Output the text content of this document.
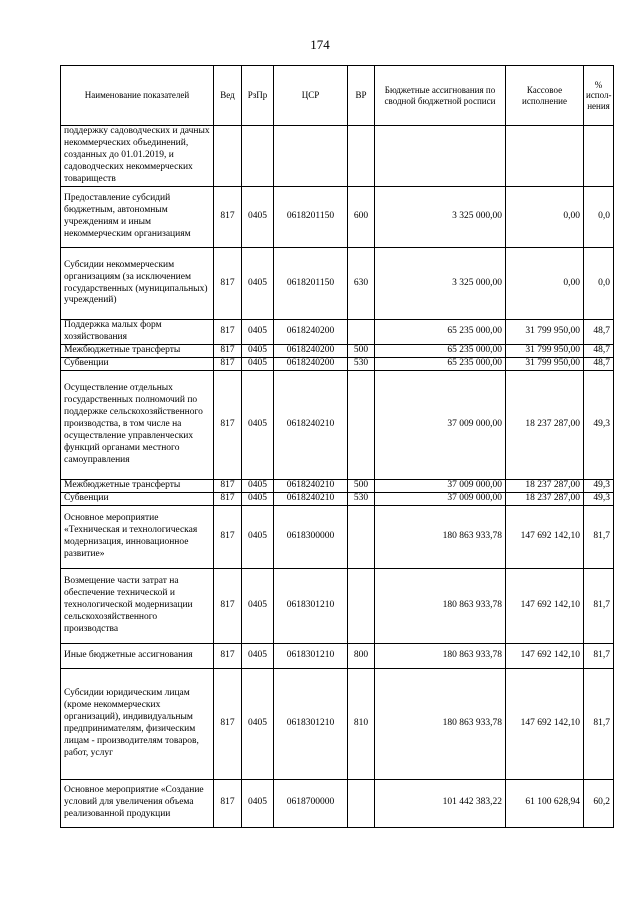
174
Наименование показателей	Вед	РзПр	ЦСР	ВР	Бюджетные ассигнования по сводной бюджетной росписи	Кассовое исполнение	% испол-нения
поддержку садоводческих и дачных некоммерческих объединений, созданных до 01.01.2019, и садоводческих некоммерческих товариществ							
Предоставление субсидий бюджетным, автономным учреждениям и иным некоммерческим организациям	817	0405	0618201150	600	3 325 000,00	0,00	0,0
Субсидии некоммерческим организациям (за исключением государственных (муниципальных) учреждений)	817	0405	0618201150	630	3 325 000,00	0,00	0,0
Поддержка малых форм хозяйствования	817	0405	0618240200		65 235 000,00	31 799 950,00	48,7
Межбюджетные трансферты	817	0405	0618240200	500	65 235 000,00	31 799 950,00	48,7
Субвенции	817	0405	0618240200	530	65 235 000,00	31 799 950,00	48,7
Осуществление отдельных государственных полномочий по поддержке сельскохозяйственного производства, в том числе на осуществление управленческих функций органами местного самоуправления	817	0405	0618240210		37 009 000,00	18 237 287,00	49,3
Межбюджетные трансферты	817	0405	0618240210	500	37 009 000,00	18 237 287,00	49,3
Субвенции	817	0405	0618240210	530	37 009 000,00	18 237 287,00	49,3
Основное мероприятие «Техническая и технологическая модернизация, инновационное развитие»	817	0405	0618300000		180 863 933,78	147 692 142,10	81,7
Возмещение части затрат на обеспечение технической и технологической модернизации сельскохозяйственного производства	817	0405	0618301210		180 863 933,78	147 692 142,10	81,7
Иные бюджетные ассигнования	817	0405	0618301210	800	180 863 933,78	147 692 142,10	81,7
Субсидии юридическим лицам (кроме некоммерческих организаций), индивидуальным предпринимателям, физическим лицам - производителям товаров, работ, услуг	817	0405	0618301210	810	180 863 933,78	147 692 142,10	81,7
Основное мероприятие «Создание условий для увеличения объема реализованной продукции	817	0405	0618700000		101 442 383,22	61 100 628,94	60,2
